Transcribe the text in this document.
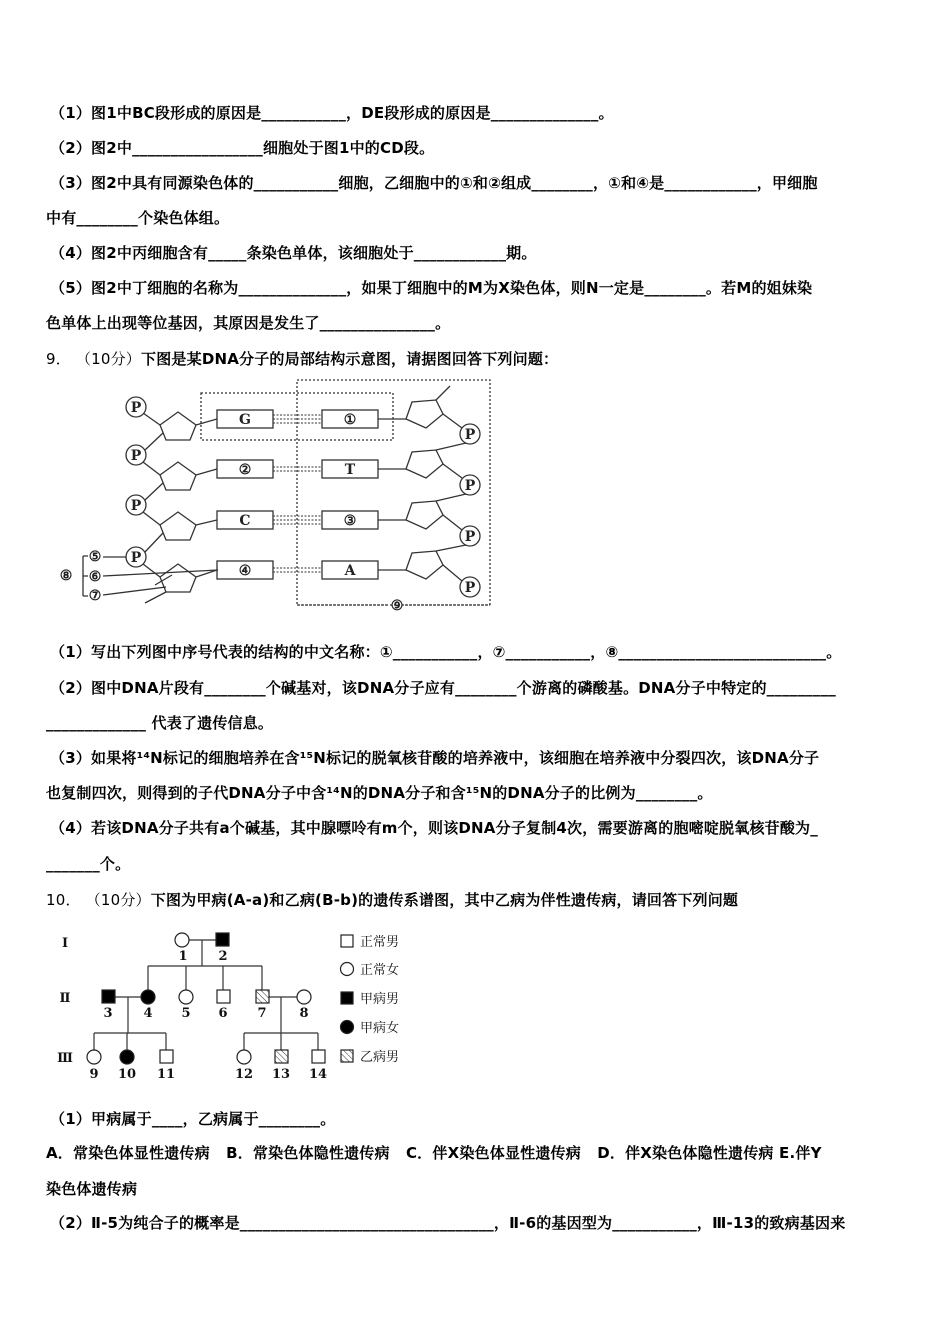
（1）图1中BC段形成的原因是___________，DE段形成的原因是______________。
（2）图2中_________________细胞处于图1中的CD段。
（3）图2中具有同源染色体的___________细胞，乙细胞中的①和②组成________，①和④是____________，甲细胞
中有________个染色体组。
（4）图2中丙细胞含有_____条染色单体，该细胞处于____________期。
（5）图2中丁细胞的名称为______________，如果丁细胞中的M为X染色体，则N一定是________。若M的姐妹染
色单体上出现等位基因，其原因是发生了_______________。
9． （10分）下图是某DNA分子的局部结构示意图，请据图回答下列问题：
P
P
P
P
P
P
P
P
G
②
C
④
①
T
③
A
⑤
⑥
⑦
⑧
⑨
（1）写出下列图中序号代表的结构的中文名称：①___________，⑦___________，⑧___________________________。
（2）图中DNA片段有________个碱基对，该DNA分子应有________个游离的磷酸基。DNA分子中特定的_________
_____________ 代表了遗传信息。
（3）如果将¹⁴N标记的细胞培养在含¹⁵N标记的脱氧核苷酸的培养液中，该细胞在培养液中分裂四次，该DNA分子
也复制四次，则得到的子代DNA分子中含¹⁴N的DNA分子和含¹⁵N的DNA分子的比例为________。
（4）若该DNA分子共有a个碱基，其中腺嘌呤有m个，则该DNA分子复制4次，需要游离的胞嘧啶脱氧核苷酸为_
_______个。
10． （10分）下图为甲病(A-a)和乙病(B-b)的遗传系谱图，其中乙病为伴性遗传病，请回答下列问题
Ⅰ
Ⅱ
Ⅲ
1 2
3 4 5 6 7	8
9 10 11	12 13 14
正常男
正常女
甲病男
甲病女
乙病男
（1）甲病属于____，乙病属于________。
A．常染色体显性遗传病   B．常染色体隐性遗传病   C．伴X染色体显性遗传病   D．伴X染色体隐性遗传病 E.伴Y
染色体遗传病
（2）Ⅱ-5为纯合子的概率是_________________________________，Ⅱ-6的基因型为___________，Ⅲ-13的致病基因来
